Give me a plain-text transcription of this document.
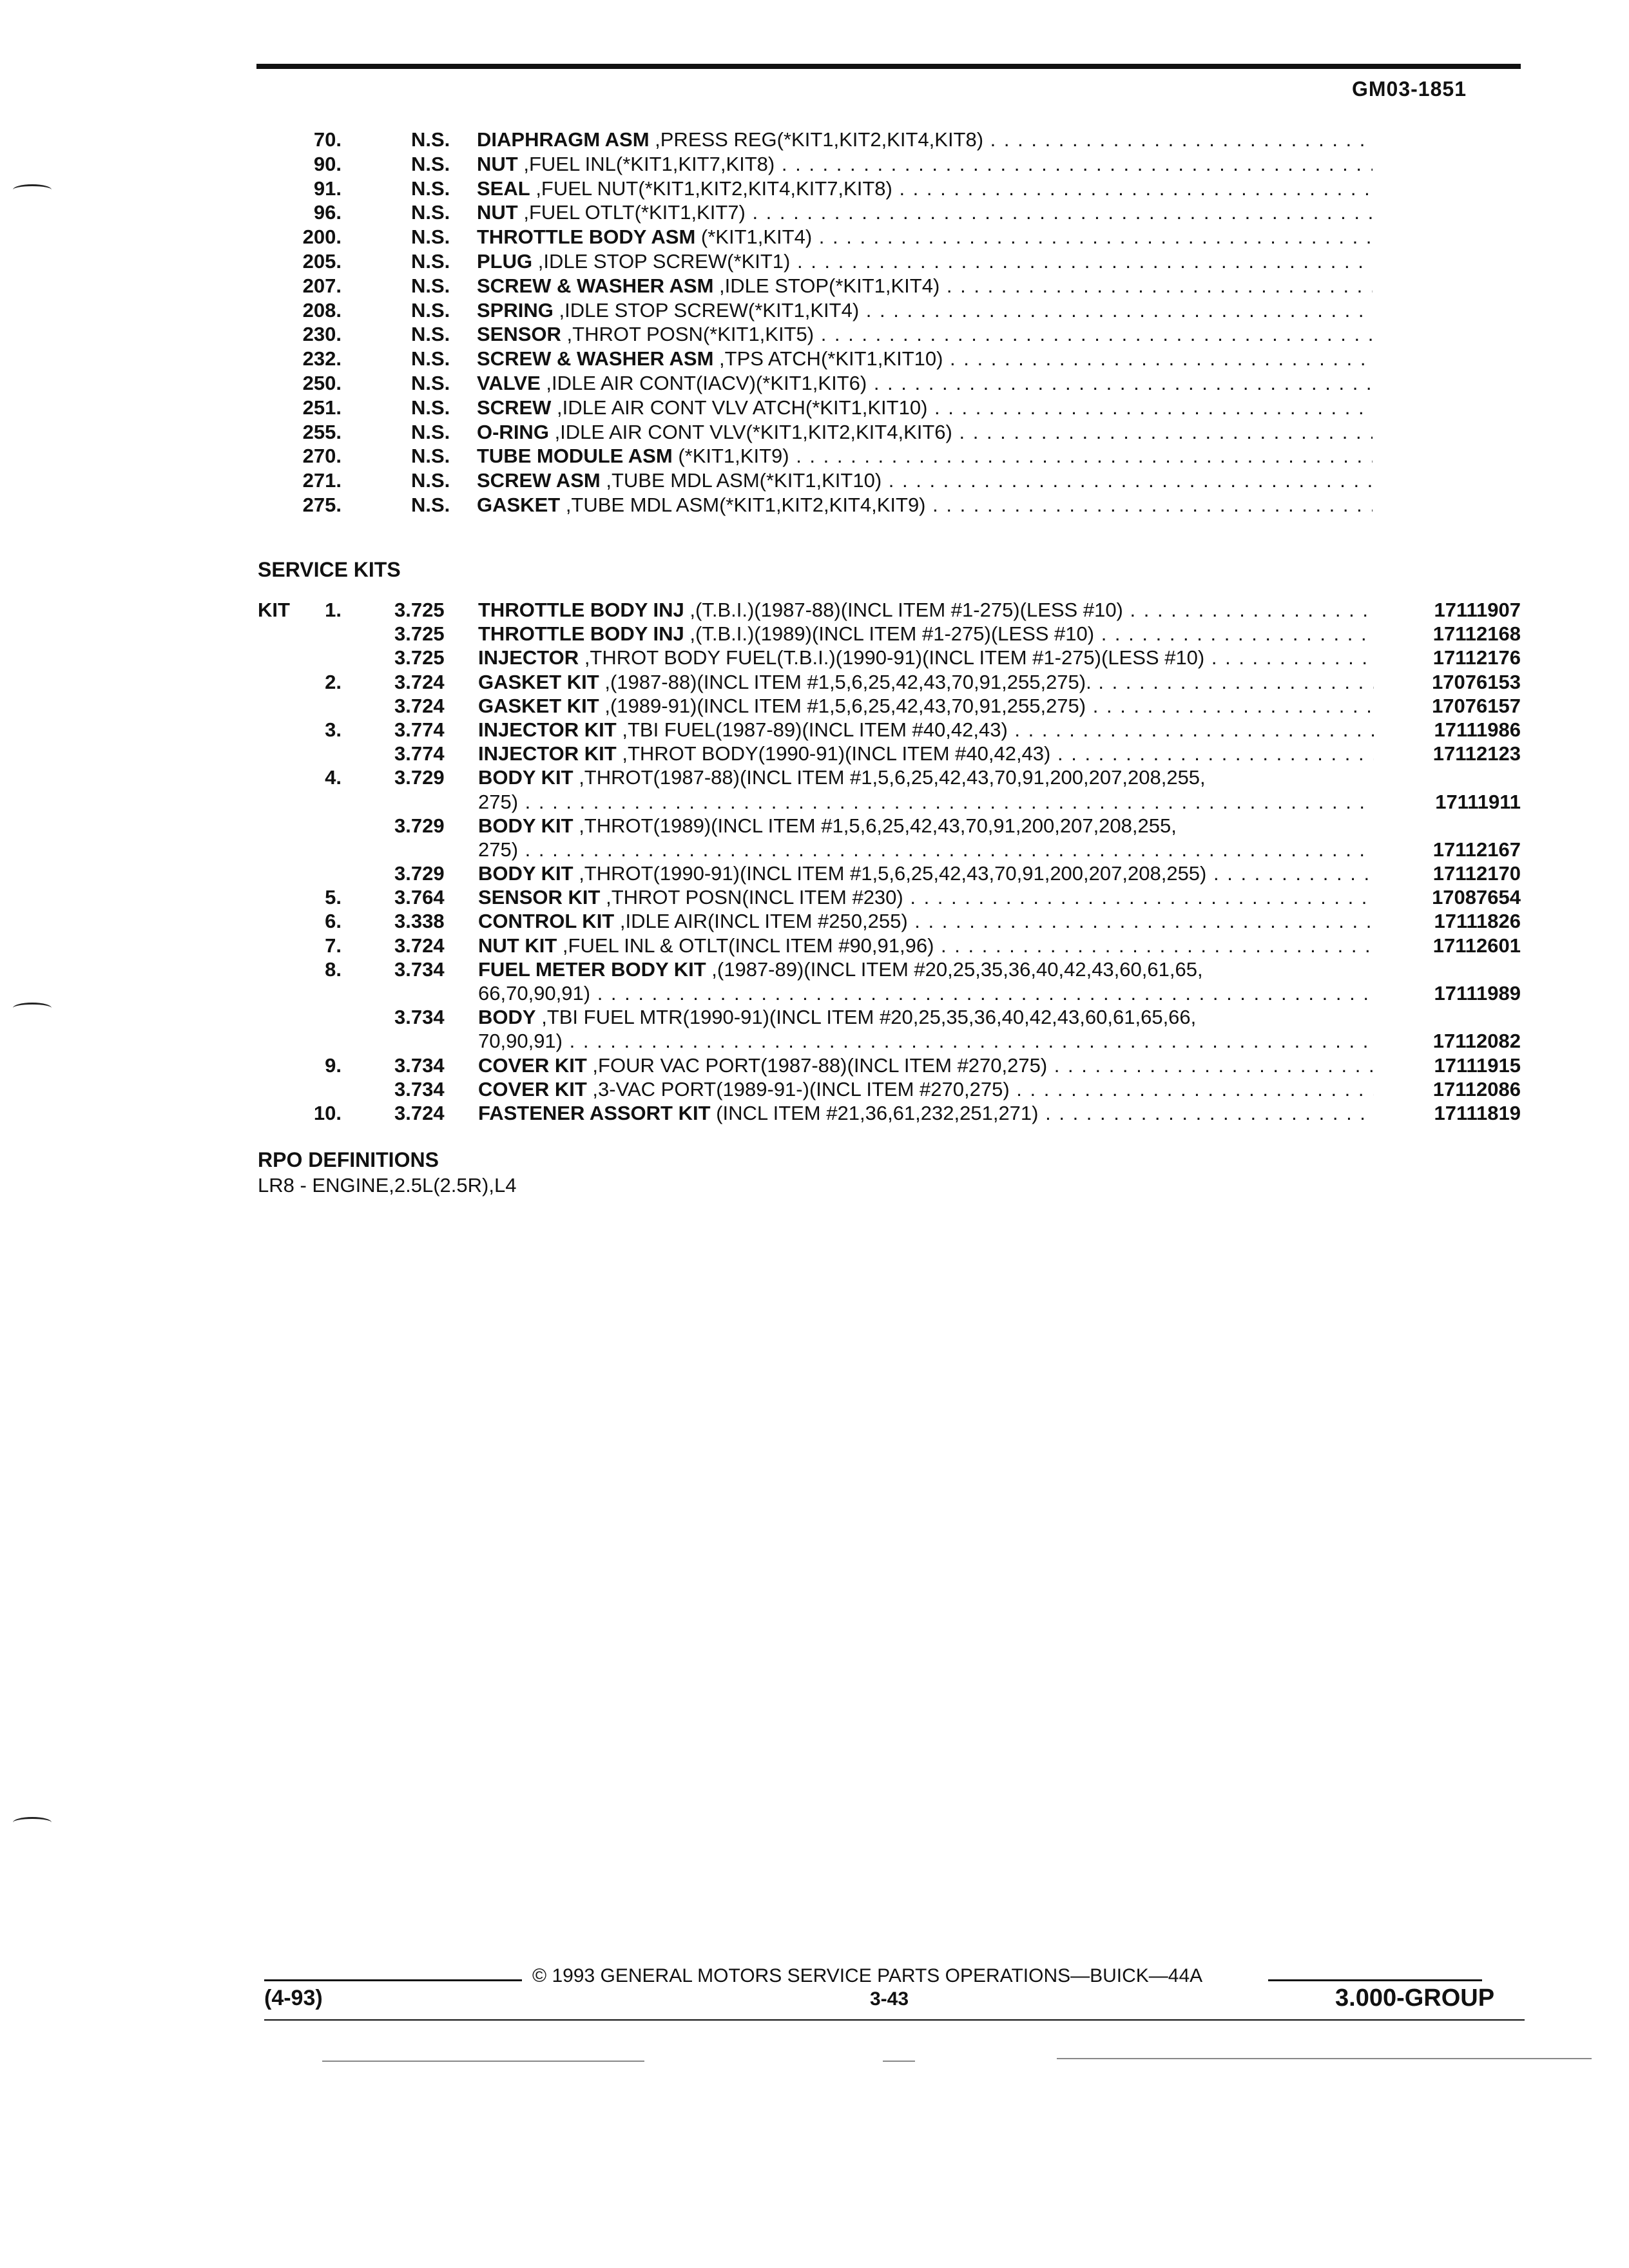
GM03-1851
70.	N.S. DIAPHRAGM ASM ,PRESS REG(*KIT1,KIT2,KIT4,KIT8) . . .
90.	N.S. NUT ,FUEL INL(*KIT1,KIT7,KIT8) . . .
91.	N.S. SEAL ,FUEL NUT(*KIT1,KIT2,KIT4,KIT7,KIT8) . . .
96.	N.S. NUT ,FUEL OTLT(*KIT1,KIT7) . . .
200.	N.S. THROTTLE BODY ASM (*KIT1,KIT4) . . .
205.	N.S. PLUG ,IDLE STOP SCREW(*KIT1) . . .
207.	N.S. SCREW & WASHER ASM ,IDLE STOP(*KIT1,KIT4) . . .
208.	N.S. SPRING ,IDLE STOP SCREW(*KIT1,KIT4) . . .
230.	N.S. SENSOR ,THROT POSN(*KIT1,KIT5) . . .
232.	N.S. SCREW & WASHER ASM ,TPS ATCH(*KIT1,KIT10) . . .
250.	N.S. VALVE ,IDLE AIR CONT(IACV)(*KIT1,KIT6) . . .
251.	N.S. SCREW ,IDLE AIR CONT VLV ATCH(*KIT1,KIT10) . . .
255.	N.S. O-RING ,IDLE AIR CONT VLV(*KIT1,KIT2,KIT4,KIT6) . . .
270.	N.S. TUBE MODULE ASM (*KIT1,KIT9) . . .
271.	N.S. SCREW ASM ,TUBE MDL ASM(*KIT1,KIT10) . . .
275.	N.S. GASKET ,TUBE MDL ASM(*KIT1,KIT2,KIT4,KIT9) . . .
SERVICE KITS
KIT	1.	3.725 THROTTLE BODY INJ ,(T.B.I.)(1987-88)(INCL ITEM #1-275)(LESS #10) . . .	17111907
3.725 THROTTLE BODY INJ ,(T.B.I.)(1989)(INCL ITEM #1-275)(LESS #10) . . .	17112168
3.725 INJECTOR ,THROT BODY FUEL(T.B.I.)(1990-91)(INCL ITEM #1-275)(LESS #10) . . .	17112176
2.	3.724 GASKET KIT ,(1987-88)(INCL ITEM #1,5,6,25,42,43,70,91,255,275). . . .	17076153
3.724 GASKET KIT ,(1989-91)(INCL ITEM #1,5,6,25,42,43,70,91,255,275) . . .	17076157
3.	3.774 INJECTOR KIT ,TBI FUEL(1987-89)(INCL ITEM #40,42,43) . . .	17111986
3.774 INJECTOR KIT ,THROT BODY(1990-91)(INCL ITEM #40,42,43) . . .	17112123
4.	3.729 BODY KIT ,THROT(1987-88)(INCL ITEM #1,5,6,25,42,43,70,91,200,207,208,255,
275) . . .	17111911
3.729 BODY KIT ,THROT(1989)(INCL ITEM #1,5,6,25,42,43,70,91,200,207,208,255,
275) . . .	17112167
3.729 BODY KIT ,THROT(1990-91)(INCL ITEM #1,5,6,25,42,43,70,91,200,207,208,255) . . .	17112170
5.	3.764 SENSOR KIT ,THROT POSN(INCL ITEM #230) . . .	17087654
6.	3.338 CONTROL KIT ,IDLE AIR(INCL ITEM #250,255) . . .	17111826
7.	3.724 NUT KIT ,FUEL INL & OTLT(INCL ITEM #90,91,96) . . .	17112601
8.	3.734 FUEL METER BODY KIT ,(1987-89)(INCL ITEM #20,25,35,36,40,42,43,60,61,65,
66,70,90,91) . . .	17111989
3.734 BODY ,TBI FUEL MTR(1990-91)(INCL ITEM #20,25,35,36,40,42,43,60,61,65,66,
70,90,91) . . .	17112082
9.	3.734 COVER KIT ,FOUR VAC PORT(1987-88)(INCL ITEM #270,275) . . .	17111915
3.734 COVER KIT ,3-VAC PORT(1989-91-)(INCL ITEM #270,275) . . .	17112086
10.	3.724 FASTENER ASSORT KIT (INCL ITEM #21,36,61,232,251,271) . . .	17111819
RPO DEFINITIONS
LR8 - ENGINE,2.5L(2.5R),L4
© 1993 GENERAL MOTORS SERVICE PARTS OPERATIONS—BUICK—44A
(4-93)	3-43	3.000-GROUP
